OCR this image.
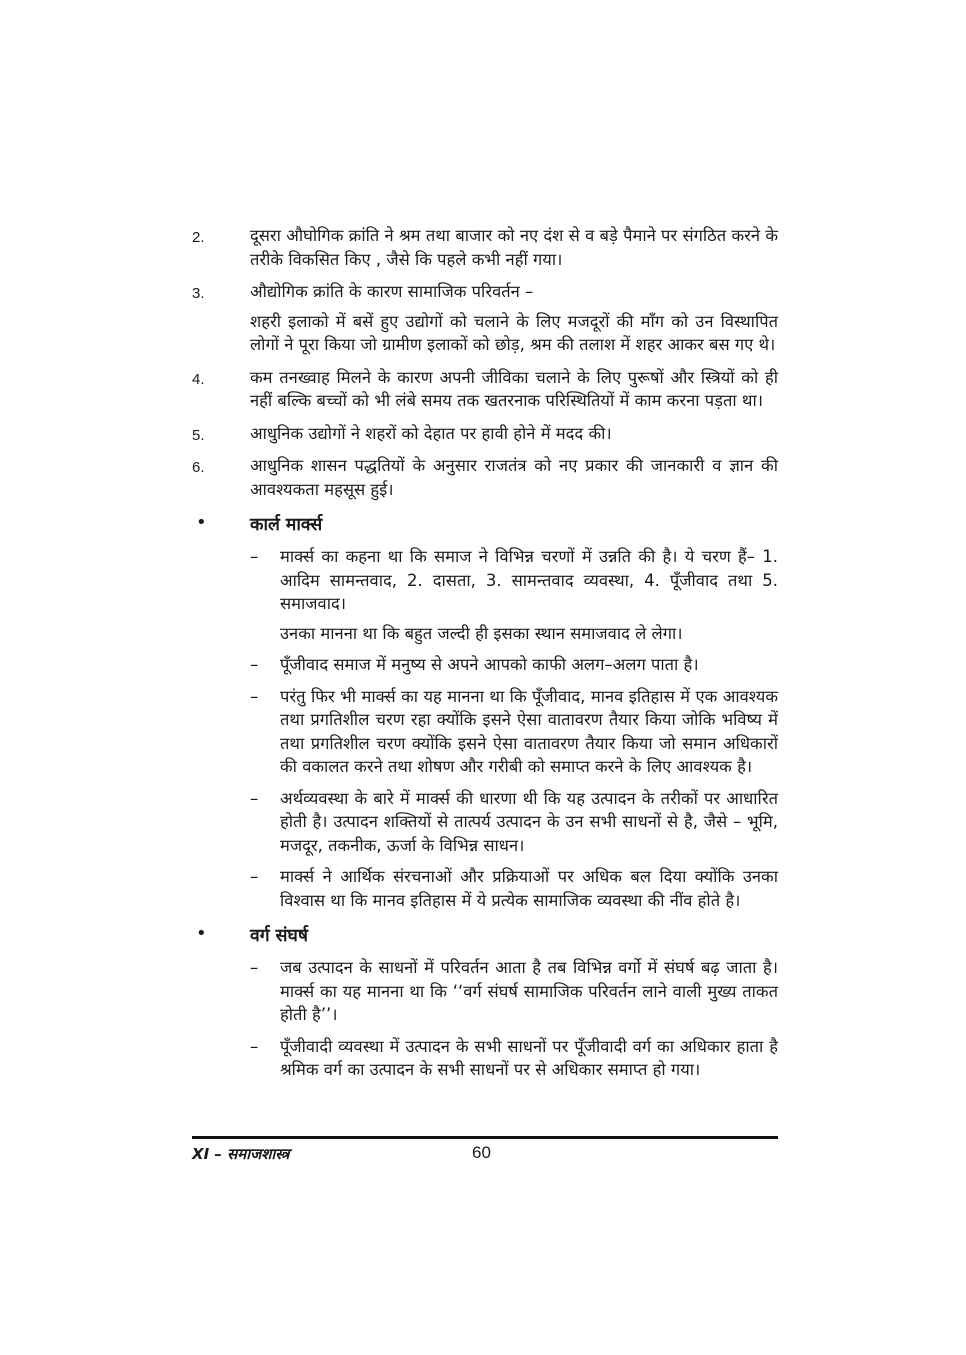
2.	दूसरा औघोगिक क्रांति ने श्रम तथा बाजार को नए दंश से व बड़े पैमाने पर संगठित करने के तरीके विकसित किए , जैसे कि पहले कभी नहीं गया।

3.	औद्योगिक क्रांति के कारण सामाजिक परिवर्तन –

शहरी इलाको में बसें हुए उद्योगों को चलाने के लिए मजदूरों की माँग को उन विस्थापित लोगों ने पूरा किया जो ग्रामीण इलाकों को छोड़, श्रम की तलाश में शहर आकर बस गए थे।

4.	कम तनख्वाह मिलने के कारण अपनी जीविका चलाने के लिए पुरूषों और स्त्रियों को ही नहीं बल्कि बच्चों को भी लंबे समय तक खतरनाक परिस्थितियों में काम करना पड़ता था।

5.	आधुनिक उद्योगों ने शहरों को देहात पर हावी होने में मदद की।

6.	आधुनिक शासन पद्धतियों के अनुसार राजतंत्र को नए प्रकार की जानकारी व ज्ञान की आवश्यकता महसूस हुई।

• कार्ल मार्क्स
– मार्क्स का कहना था कि समाज ने विभिन्न चरणों में उन्नति की है। ये चरण हैं– 1. आदिम सामन्तवाद, 2. दासता, 3. सामन्तवाद व्यवस्था, 4. पूँजीवाद तथा 5. समाजवाद।

उनका मानना था कि बहुत जल्दी ही इसका स्थान समाजवाद ले लेगा।

– पूँजीवाद समाज में मनुष्य से अपने आपको काफी अलग–अलग पाता है।

– परंतु फिर भी मार्क्स का यह मानना था कि पूँजीवाद, मानव इतिहास में एक आवश्यक तथा प्रगतिशील चरण रहा क्योंकि इसने ऐसा वातावरण तैयार किया जोकि भविष्य में तथा प्रगतिशील चरण क्योंकि इसने ऐसा वातावरण तैयार किया जो समान अधिकारों की वकालत करने तथा शोषण और गरीबी को समाप्त करने के लिए आवश्यक है।

– अर्थव्यवस्था के बारे में मार्क्स की धारणा थी कि यह उत्पादन के तरीकों पर आधारित होती है। उत्पादन शक्तियों से तात्पर्य उत्पादन के उन सभी साधनों से है, जैसे – भूमि, मजदूर, तकनीक, ऊर्जा के विभिन्न साधन।

– मार्क्स ने आर्थिक संरचनाओं और प्रक्रियाओं पर अधिक बल दिया क्योंकि उनका विश्वास था कि मानव इतिहास में ये प्रत्येक सामाजिक व्यवस्था की नींव होते है।

• वर्ग संघर्ष
– जब उत्पादन के साधनों में परिवर्तन आता है तब विभिन्न वर्गो में संघर्ष बढ़ जाता है। मार्क्स का यह मानना था कि ‘‘वर्ग संघर्ष सामाजिक परिवर्तन लाने वाली मुख्य ताकत होती है’’।

– पूँजीवादी व्यवस्था में उत्पादन के सभी साधनों पर पूँजीवादी वर्ग का अधिकार हाता है श्रमिक वर्ग का उत्पादन के सभी साधनों पर से अधिकार समाप्त हो गया।

XI – समाजशास्त्र	60
